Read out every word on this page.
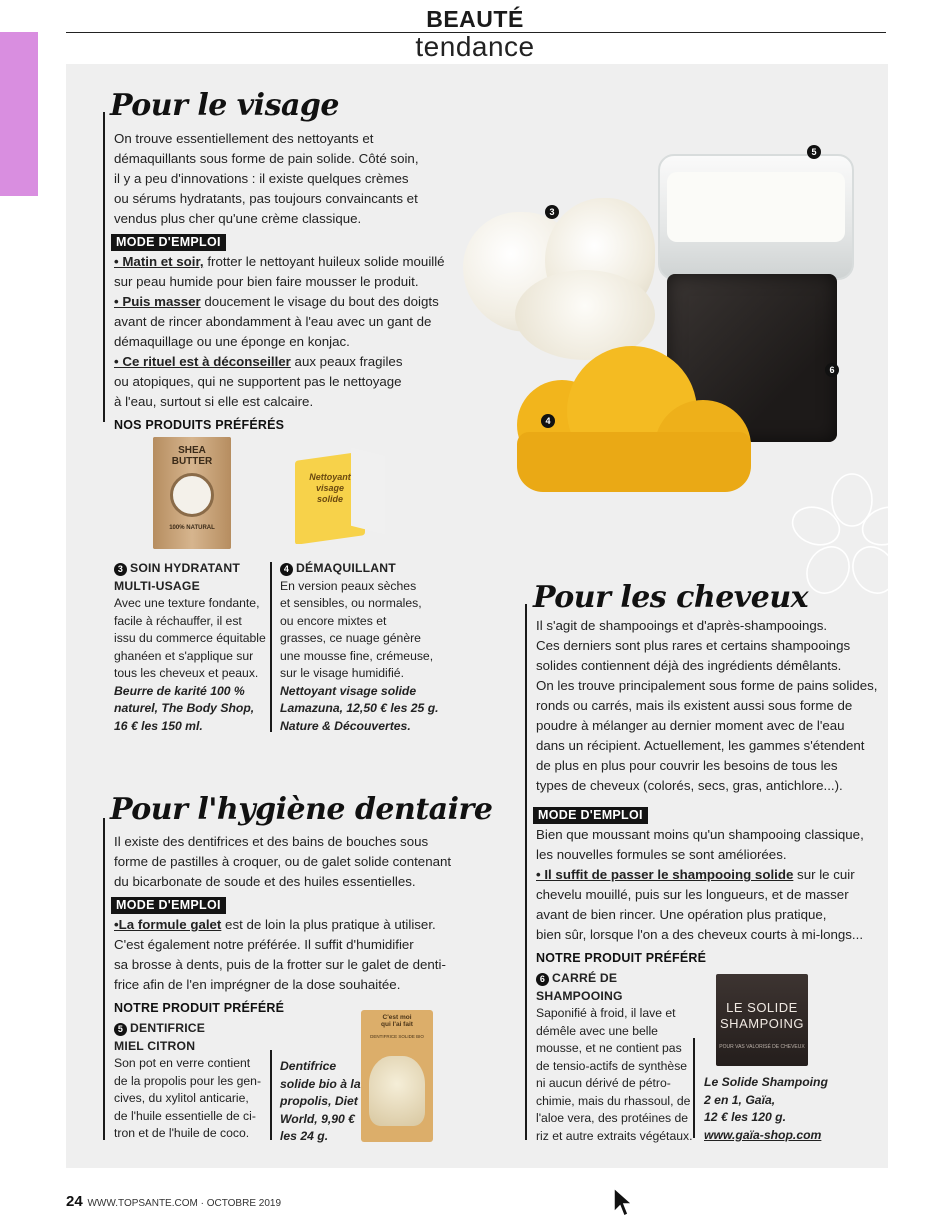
BEAUTÉ
tendance
Pour le visage
On trouve essentiellement des nettoyants et
démaquillants sous forme de pain solide. Côté soin,
il y a peu d'innovations : il existe quelques crèmes
ou sérums hydratants, pas toujours convaincants et
vendus plus cher qu'une crème classique.
MODE D'EMPLOI
• Matin et soir, frotter le nettoyant huileux solide mouillé
sur peau humide pour bien faire mousser le produit.
• Puis masser doucement le visage du bout des doigts
avant de rincer abondamment à l'eau avec un gant de
démaquillage ou une éponge en konjac.
• Ce rituel est à déconseiller aux peaux fragiles
ou atopiques, qui ne supportent pas le nettoyage
à l'eau, surtout si elle est calcaire.
NOS PRODUITS PRÉFÉRÉS
SHEA
BUTTER
100% NATURAL
Nettoyant
visage
solide
3 SOIN HYDRATANT
MULTI-USAGE
Avec une texture fondante,
facile à réchauffer, il est
issu du commerce équitable
ghanéen et s'applique sur
tous les cheveux et peaux.
Beurre de karité 100 %
naturel, The Body Shop,
16 € les 150 ml.
4 DÉMAQUILLANT
En version peaux sèches
et sensibles, ou normales,
ou encore mixtes et
grasses, ce nuage génère
une mousse fine, crémeuse,
sur le visage humidifié.
Nettoyant visage solide
Lamazuna, 12,50 € les 25 g.
Nature & Découvertes.
5
3
6
4
Pour les cheveux
Il s'agit de shampooings et d'après-shampooings.
Ces derniers sont plus rares et certains shampooings
solides contiennent déjà des ingrédients démêlants.
On les trouve principalement sous forme de pains solides,
ronds ou carrés, mais ils existent aussi sous forme de
poudre à mélanger au dernier moment avec de l'eau
dans un récipient. Actuellement, les gammes s'étendent
de plus en plus pour couvrir les besoins de tous les
types de cheveux (colorés, secs, gras, antichlore...).
MODE D'EMPLOI
Bien que moussant moins qu'un shampooing classique,
les nouvelles formules se sont améliorées.
• Il suffit de passer le shampooing solide sur le cuir
chevelu mouillé, puis sur les longueurs, et de masser
avant de bien rincer. Une opération plus pratique,
bien sûr, lorsque l'on a des cheveux courts à mi-longs...
NOTRE PRODUIT PRÉFÉRÉ
6 CARRÉ DE
SHAMPOOING
Saponifié à froid, il lave et
démêle avec une belle
mousse, et ne contient pas
de tensio-actifs de synthèse
ni aucun dérivé de pétro-
chimie, mais du rhassoul, de
l'aloe vera, des protéines de
riz et autre extraits végétaux.
LE SOLIDE
SHAMPOING
POUR VAS VALORISÉ DE CHEVEUX
Le Solide Shampoing
2 en 1, Gaïa,
12 € les 120 g.
www.gaïa-shop.com
Pour l'hygiène dentaire
Il existe des dentifrices et des bains de bouches sous
forme de pastilles à croquer, ou de galet solide contenant
du bicarbonate de soude et des huiles essentielles.
MODE D'EMPLOI
•La formule galet est de loin la plus pratique à utiliser.
C'est également notre préférée. Il suffit d'humidifier
sa brosse à dents, puis de la frotter sur le galet de denti-
frice afin de l'en imprégner de la dose souhaitée.
NOTRE PRODUIT PRÉFÉRÉ
5 DENTIFRICE
MIEL CITRON
Son pot en verre contient
de la propolis pour les gen-
cives, du xylitol anticarie,
de l'huile essentielle de ci-
tron et de l'huile de coco.
Dentifrice
solide bio à la
propolis, Diet
World, 9,90 €
les 24 g.
C'est moi
qui l'ai fait
DENTIFRICE SOLIDE BIO
24 WWW.TOPSANTE.COM · OCTOBRE 2019
